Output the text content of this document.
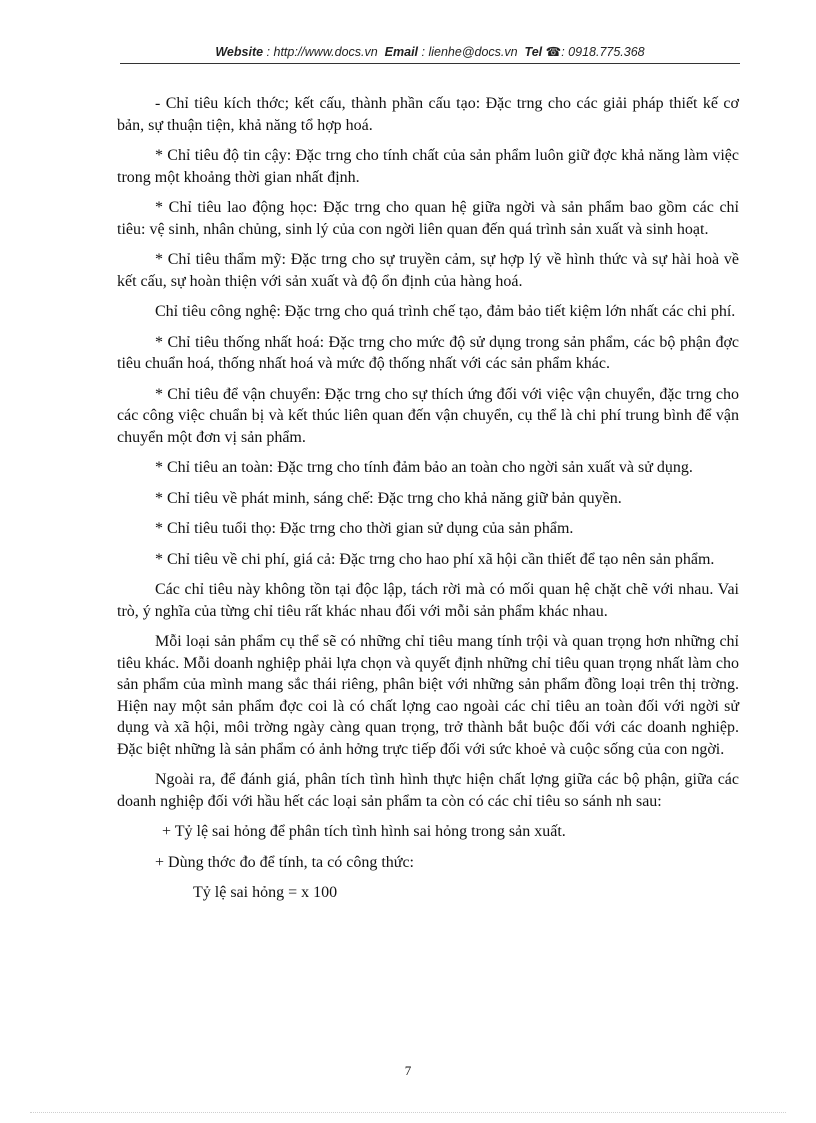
Website : http://www.docs.vn Email : lienhe@docs.vn Tel ☎: 0918.775.368

- Chỉ tiêu kích thớc; kết cấu, thành phần cấu tạo: Đặc trng cho các giải pháp thiết kế cơ bản, sự thuận tiện, khả năng tổ hợp hoá.

* Chỉ tiêu độ tin cậy: Đặc trng cho tính chất của sản phẩm luôn giữ đợc khả năng làm việc trong một khoảng thời gian nhất định.

* Chỉ tiêu lao động học: Đặc trng cho quan hệ giữa ngời và sản phẩm bao gồm các chỉ tiêu: vệ sinh, nhân chủng, sinh lý của con ngời liên quan đến quá trình sản xuất và sinh hoạt.

* Chỉ tiêu thẩm mỹ: Đặc trng cho sự truyền cảm, sự hợp lý về hình thức và sự hài hoà về kết cấu, sự hoàn thiện với sản xuất và độ ổn định của hàng hoá.

Chỉ tiêu công nghệ: Đặc trng cho quá trình chế tạo, đảm bảo tiết kiệm lớn nhất các chi phí.

* Chỉ tiêu thống nhất hoá: Đặc trng cho mức độ sử dụng trong sản phẩm, các bộ phận đợc tiêu chuẩn hoá, thống nhất hoá và mức độ thống nhất với các sản phẩm khác.

* Chỉ tiêu để vận chuyển: Đặc trng cho sự thích ứng đối với việc vận chuyển, đặc trng cho các công việc chuẩn bị và kết thúc liên quan đến vận chuyển, cụ thể là chi phí trung bình để vận chuyển một đơn vị sản phẩm.

* Chỉ tiêu an toàn: Đặc trng cho tính đảm bảo an toàn cho ngời sản xuất và sử dụng.

* Chỉ tiêu về phát minh, sáng chế: Đặc trng cho khả năng giữ bản quyền.

* Chỉ tiêu tuổi thọ: Đặc trng cho thời gian sử dụng của sản phẩm.

* Chỉ tiêu về chi phí, giá cả: Đặc trng cho hao phí xã hội cần thiết để tạo nên sản phẩm.

Các chỉ tiêu này không tồn tại độc lập, tách rời mà có mối quan hệ chặt chẽ với nhau. Vai trò, ý nghĩa của từng chỉ tiêu rất khác nhau đối với mỗi sản phẩm khác nhau.

Mỗi loại sản phẩm cụ thể sẽ có những chỉ tiêu mang tính trội và quan trọng hơn những chỉ tiêu khác. Mỗi doanh nghiệp phải lựa chọn và quyết định những chỉ tiêu quan trọng nhất làm cho sản phẩm của mình mang sắc thái riêng, phân biệt với những sản phẩm đồng loại trên thị trờng. Hiện nay một sản phẩm đợc coi là có chất lợng cao ngoài các chỉ tiêu an toàn đối với ngời sử dụng và xã hội, môi trờng ngày càng quan trọng, trở thành bắt buộc đối với các doanh nghiệp. Đặc biệt những là sản phẩm có ảnh hởng trực tiếp đối với sức khoẻ và cuộc sống của con ngời.

Ngoài ra, để đánh giá, phân tích tình hình thực hiện chất lợng giữa các bộ phận, giữa các doanh nghiệp đối với hầu hết các loại sản phẩm ta còn có các chỉ tiêu so sánh nh sau:

+ Tỷ lệ sai hỏng để phân tích tình hình sai hỏng trong sản xuất.

+ Dùng thớc đo để tính, ta có công thức:

Tỷ lệ sai hỏng = x 100

7
